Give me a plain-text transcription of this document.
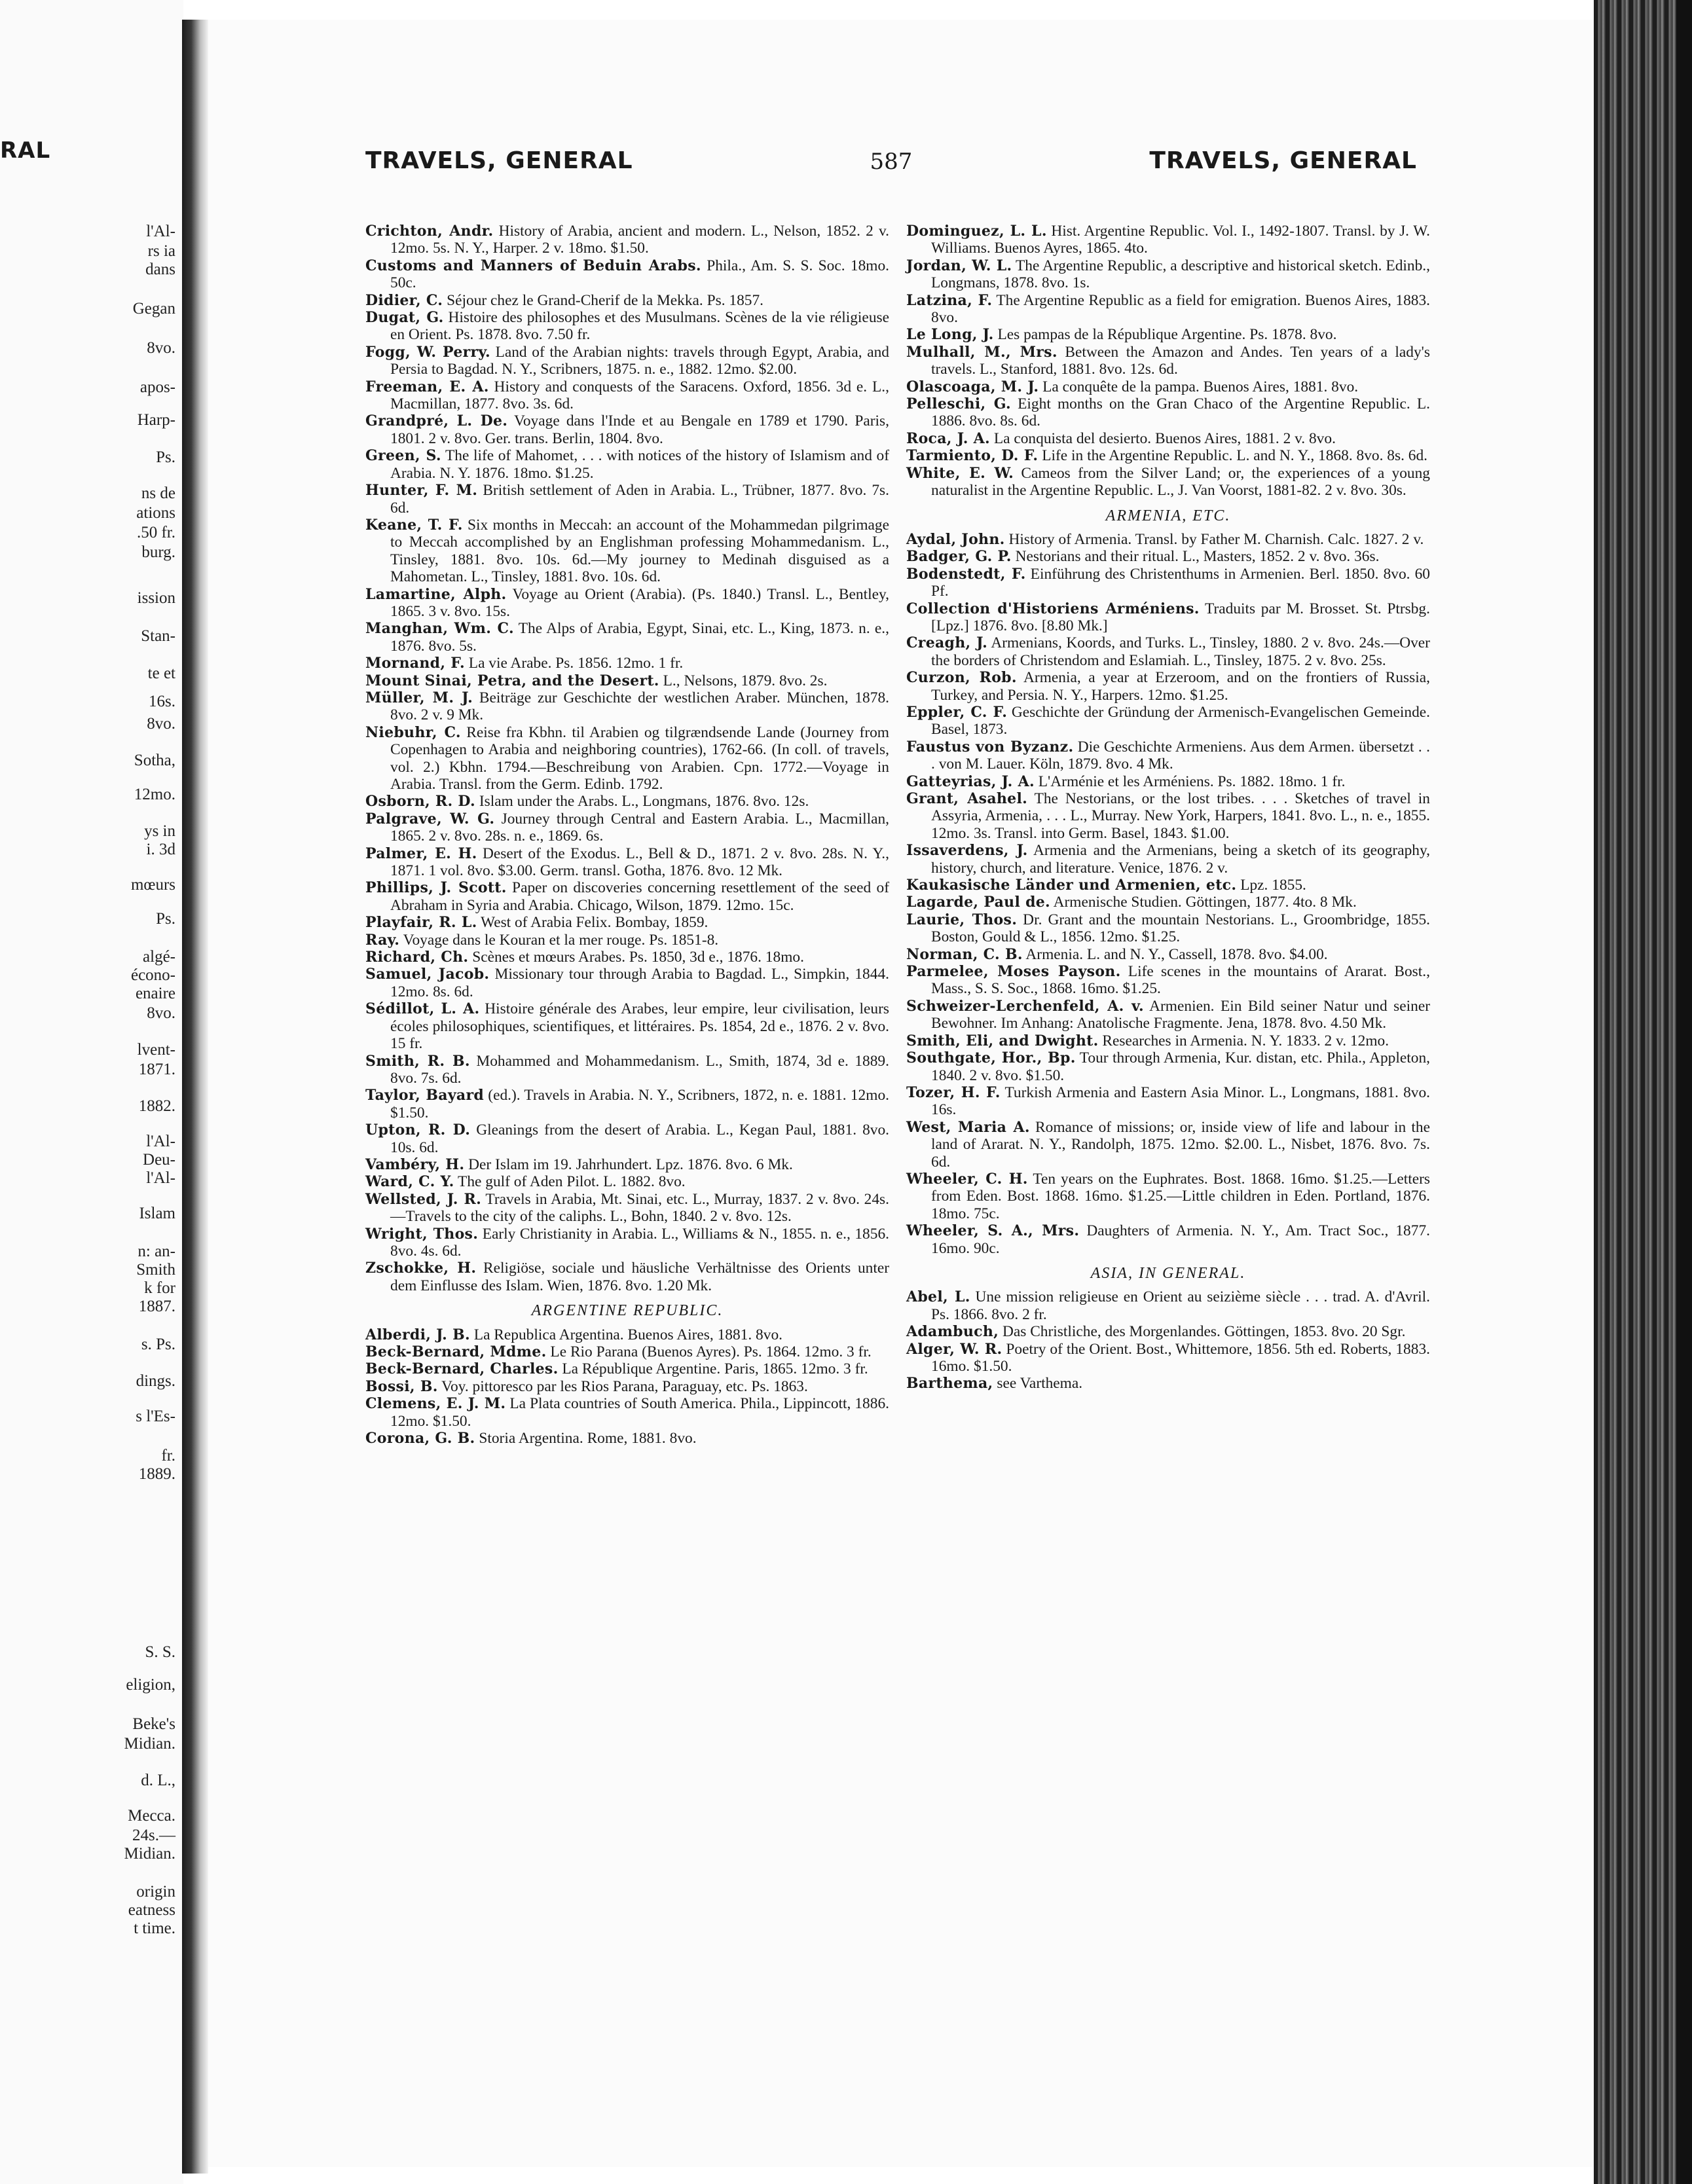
RAL
l'Al-
rs ia
dans
Gegan
8vo.
apos-
Harp-
Ps.
ns de
ations
.50 fr.
burg.
ission
Stan-
te et
16s.
8vo.
Sotha,
12mo.
ys in
i. 3d
mœurs
Ps.
algé-
écono-
enaire
8vo.
lvent-
1871.
1882.
l'Al-
Deu-
l'Al-
Islam
n: an-
Smith
k for
1887.
s. Ps.
dings.
s l'Es-
fr.
1889.
S. S.
eligion,
Beke's
Midian.
d. L.,
Mecca.
24s.—
Midian.
origin
eatness
t time.
TRAVELS, GENERAL	587	TRAVELS, GENERAL

Crichton, Andr. History of Arabia, ancient and modern. L., Nelson, 1852. 2 v. 12mo. 5s. N. Y., Harper. 2 v. 18mo. $1.50.

Customs and Manners of Beduin Arabs. Phila., Am. S. S. Soc. 18mo. 50c.

Didier, C. Séjour chez le Grand-Cherif de la Mekka. Ps. 1857.

Dugat, G. Histoire des philosophes et des Musulmans. Scènes de la vie réligieuse en Orient. Ps. 1878. 8vo. 7.50 fr.

Fogg, W. Perry. Land of the Arabian nights: travels through Egypt, Arabia, and Persia to Bagdad. N. Y., Scribners, 1875. n. e., 1882. 12mo. $2.00.

Freeman, E. A. History and conquests of the Saracens. Oxford, 1856. 3d e. L., Macmillan, 1877. 8vo. 3s. 6d.

Grandpré, L. De. Voyage dans l'Inde et au Bengale en 1789 et 1790. Paris, 1801. 2 v. 8vo. Ger. trans. Berlin, 1804. 8vo.

Green, S. The life of Mahomet, . . . with notices of the history of Islamism and of Arabia. N. Y. 1876. 18mo. $1.25.

Hunter, F. M. British settlement of Aden in Arabia. L., Trübner, 1877. 8vo. 7s. 6d.

Keane, T. F. Six months in Meccah: an account of the Mohammedan pilgrimage to Meccah accomplished by an Englishman professing Mohammedanism. L., Tinsley, 1881. 8vo. 10s. 6d.—My journey to Medinah disguised as a Mahometan. L., Tinsley, 1881. 8vo. 10s. 6d.

Lamartine, Alph. Voyage au Orient (Arabia). (Ps. 1840.) Transl. L., Bentley, 1865. 3 v. 8vo. 15s.

Manghan, Wm. C. The Alps of Arabia, Egypt, Sinai, etc. L., King, 1873. n. e., 1876. 8vo. 5s.

Mornand, F. La vie Arabe. Ps. 1856. 12mo. 1 fr.

Mount Sinai, Petra, and the Desert. L., Nelsons, 1879. 8vo. 2s.

Müller, M. J. Beiträge zur Geschichte der westlichen Araber. München, 1878. 8vo. 2 v. 9 Mk.

Niebuhr, C. Reise fra Kbhn. til Arabien og tilgrændsende Lande (Journey from Copenhagen to Arabia and neighboring countries), 1762-66. (In coll. of travels, vol. 2.) Kbhn. 1794.—Beschreibung von Arabien. Cpn. 1772.—Voyage in Arabia. Transl. from the Germ. Edinb. 1792.

Osborn, R. D. Islam under the Arabs. L., Longmans, 1876. 8vo. 12s.

Palgrave, W. G. Journey through Central and Eastern Arabia. L., Macmillan, 1865. 2 v. 8vo. 28s. n. e., 1869. 6s.

Palmer, E. H. Desert of the Exodus. L., Bell & D., 1871. 2 v. 8vo. 28s. N. Y., 1871. 1 vol. 8vo. $3.00. Germ. transl. Gotha, 1876. 8vo. 12 Mk.

Phillips, J. Scott. Paper on discoveries concerning resettlement of the seed of Abraham in Syria and Arabia. Chicago, Wilson, 1879. 12mo. 15c.

Playfair, R. L. West of Arabia Felix. Bombay, 1859.

Ray. Voyage dans le Kouran et la mer rouge. Ps. 1851-8.

Richard, Ch. Scènes et mœurs Arabes. Ps. 1850, 3d e., 1876. 18mo.

Samuel, Jacob. Missionary tour through Arabia to Bagdad. L., Simpkin, 1844. 12mo. 8s. 6d.

Sédillot, L. A. Histoire générale des Arabes, leur empire, leur civilisation, leurs écoles philosophiques, scientifiques, et littéraires. Ps. 1854, 2d e., 1876. 2 v. 8vo. 15 fr.

Smith, R. B. Mohammed and Mohammedanism. L., Smith, 1874, 3d e. 1889. 8vo. 7s. 6d.

Taylor, Bayard (ed.). Travels in Arabia. N. Y., Scribners, 1872, n. e. 1881. 12mo. $1.50.

Upton, R. D. Gleanings from the desert of Arabia. L., Kegan Paul, 1881. 8vo. 10s. 6d.

Vambéry, H. Der Islam im 19. Jahrhundert. Lpz. 1876. 8vo. 6 Mk.

Ward, C. Y. The gulf of Aden Pilot. L. 1882. 8vo.

Wellsted, J. R. Travels in Arabia, Mt. Sinai, etc. L., Murray, 1837. 2 v. 8vo. 24s.—Travels to the city of the caliphs. L., Bohn, 1840. 2 v. 8vo. 12s.

Wright, Thos. Early Christianity in Arabia. L., Williams & N., 1855. n. e., 1856. 8vo. 4s. 6d.

Zschokke, H. Religiöse, sociale und häusliche Verhältnisse des Orients unter dem Einflusse des Islam. Wien, 1876. 8vo. 1.20 Mk.

ARGENTINE REPUBLIC.

Alberdi, J. B. La Republica Argentina. Buenos Aires, 1881. 8vo.

Beck-Bernard, Mdme. Le Rio Parana (Buenos Ayres). Ps. 1864. 12mo. 3 fr.

Beck-Bernard, Charles. La République Argentine. Paris, 1865. 12mo. 3 fr.

Bossi, B. Voy. pittoresco par les Rios Parana, Paraguay, etc. Ps. 1863.

Clemens, E. J. M. La Plata countries of South America. Phila., Lippincott, 1886. 12mo. $1.50.

Corona, G. B. Storia Argentina. Rome, 1881. 8vo.

Dominguez, L. L. Hist. Argentine Republic. Vol. I., 1492-1807. Transl. by J. W. Williams. Buenos Ayres, 1865. 4to.

Jordan, W. L. The Argentine Republic, a descriptive and historical sketch. Edinb., Longmans, 1878. 8vo. 1s.

Latzina, F. The Argentine Republic as a field for emigration. Buenos Aires, 1883. 8vo.

Le Long, J. Les pampas de la République Argentine. Ps. 1878. 8vo.

Mulhall, M., Mrs. Between the Amazon and Andes. Ten years of a lady's travels. L., Stanford, 1881. 8vo. 12s. 6d.

Olascoaga, M. J. La conquête de la pampa. Buenos Aires, 1881. 8vo.

Pelleschi, G. Eight months on the Gran Chaco of the Argentine Republic. L. 1886. 8vo. 8s. 6d.

Roca, J. A. La conquista del desierto. Buenos Aires, 1881. 2 v. 8vo.

Tarmiento, D. F. Life in the Argentine Republic. L. and N. Y., 1868. 8vo. 8s. 6d.

White, E. W. Cameos from the Silver Land; or, the experiences of a young naturalist in the Argentine Republic. L., J. Van Voorst, 1881-82. 2 v. 8vo. 30s.

ARMENIA, ETC.

Aydal, John. History of Armenia. Transl. by Father M. Charnish. Calc. 1827. 2 v.

Badger, G. P. Nestorians and their ritual. L., Masters, 1852. 2 v. 8vo. 36s.

Bodenstedt, F. Einführung des Christenthums in Armenien. Berl. 1850. 8vo. 60 Pf.

Collection d'Historiens Arméniens. Traduits par M. Brosset. St. Ptrsbg. [Lpz.] 1876. 8vo. [8.80 Mk.]

Creagh, J. Armenians, Koords, and Turks. L., Tinsley, 1880. 2 v. 8vo. 24s.—Over the borders of Christendom and Eslamiah. L., Tinsley, 1875. 2 v. 8vo. 25s.

Curzon, Rob. Armenia, a year at Erzeroom, and on the frontiers of Russia, Turkey, and Persia. N. Y., Harpers. 12mo. $1.25.

Eppler, C. F. Geschichte der Gründung der Armenisch-Evangelischen Gemeinde. Basel, 1873.

Faustus von Byzanz. Die Geschichte Armeniens. Aus dem Armen. übersetzt . . . von M. Lauer. Köln, 1879. 8vo. 4 Mk.

Gatteyrias, J. A. L'Arménie et les Arméniens. Ps. 1882. 18mo. 1 fr.

Grant, Asahel. The Nestorians, or the lost tribes. . . . Sketches of travel in Assyria, Armenia, . . . L., Murray. New York, Harpers, 1841. 8vo. L., n. e., 1855. 12mo. 3s. Transl. into Germ. Basel, 1843. $1.00.

Issaverdens, J. Armenia and the Armenians, being a sketch of its geography, history, church, and literature. Venice, 1876. 2 v.

Kaukasische Länder und Armenien, etc. Lpz. 1855.

Lagarde, Paul de. Armenische Studien. Göttingen, 1877. 4to. 8 Mk.

Laurie, Thos. Dr. Grant and the mountain Nestorians. L., Groombridge, 1855. Boston, Gould & L., 1856. 12mo. $1.25.

Norman, C. B. Armenia. L. and N. Y., Cassell, 1878. 8vo. $4.00.

Parmelee, Moses Payson. Life scenes in the mountains of Ararat. Bost., Mass., S. S. Soc., 1868. 16mo. $1.25.

Schweizer-Lerchenfeld, A. v. Armenien. Ein Bild seiner Natur und seiner Bewohner. Im Anhang: Anatolische Fragmente. Jena, 1878. 8vo. 4.50 Mk.

Smith, Eli, and Dwight. Researches in Armenia. N. Y. 1833. 2 v. 12mo.

Southgate, Hor., Bp. Tour through Armenia, Kur. distan, etc. Phila., Appleton, 1840. 2 v. 8vo. $1.50.

Tozer, H. F. Turkish Armenia and Eastern Asia Minor. L., Longmans, 1881. 8vo. 16s.

West, Maria A. Romance of missions; or, inside view of life and labour in the land of Ararat. N. Y., Randolph, 1875. 12mo. $2.00. L., Nisbet, 1876. 8vo. 7s. 6d.

Wheeler, C. H. Ten years on the Euphrates. Bost. 1868. 16mo. $1.25.—Letters from Eden. Bost. 1868. 16mo. $1.25.—Little children in Eden. Portland, 1876. 18mo. 75c.

Wheeler, S. A., Mrs. Daughters of Armenia. N. Y., Am. Tract Soc., 1877. 16mo. 90c.

ASIA, IN GENERAL.

Abel, L. Une mission religieuse en Orient au seizième siècle . . . trad. A. d'Avril. Ps. 1866. 8vo. 2 fr.

Adambuch, Das Christliche, des Morgenlandes. Göttingen, 1853. 8vo. 20 Sgr.

Alger, W. R. Poetry of the Orient. Bost., Whittemore, 1856. 5th ed. Roberts, 1883. 16mo. $1.50.

Barthema, see Varthema.
